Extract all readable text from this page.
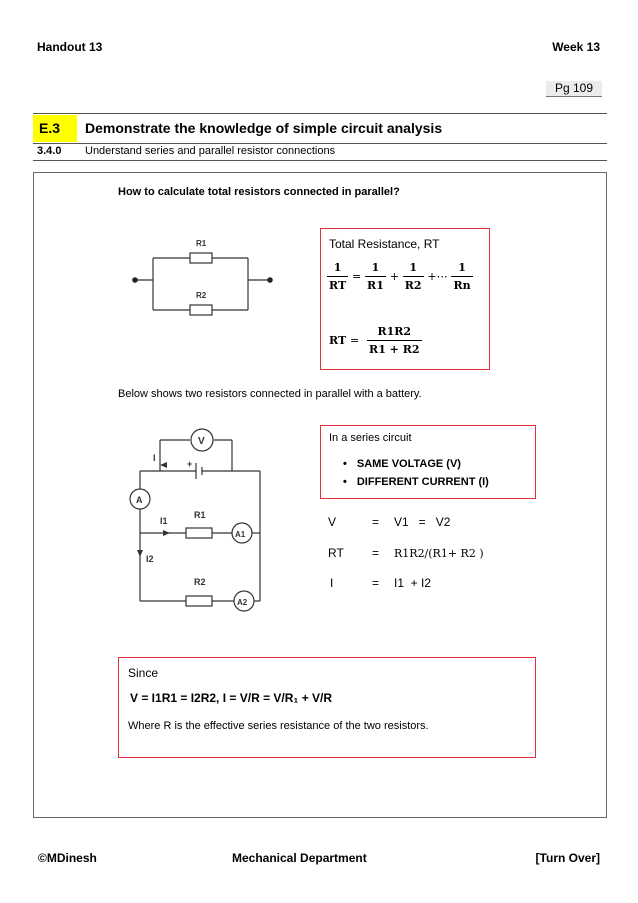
Handout 13	Week 13
Pg 109
E.3	Demonstrate the knowledge of simple circuit analysis
3.4.0 Understand series and parallel resistor connections
How to calculate total resistors connected in parallel?
R1
R2
Total Resistance, RT
$\frac{1}{RT} = \frac{1}{R1} + \frac{1}{R2}$ +⋯ $\frac{1}{Rn}$
RT = $\frac{R1R2}{R1 + R2}$
Below shows two resistors connected in parallel with a battery.
V
I
+
A
I1
R1
A1
I2
R2
A2
In a series circuit
• SAME VOLTAGE (V)
• DIFFERENT CURRENT (I)
V	= V1   =   V2
RT = R1R2/(R1+ R2 )
I	= I1  + I2
Since
V = I1R1 = I2R2, I = V/R = V/R₁ + V/R
Where R is the effective series resistance of the two resistors.
©MDinesh	Mechanical Department	[Turn Over]
